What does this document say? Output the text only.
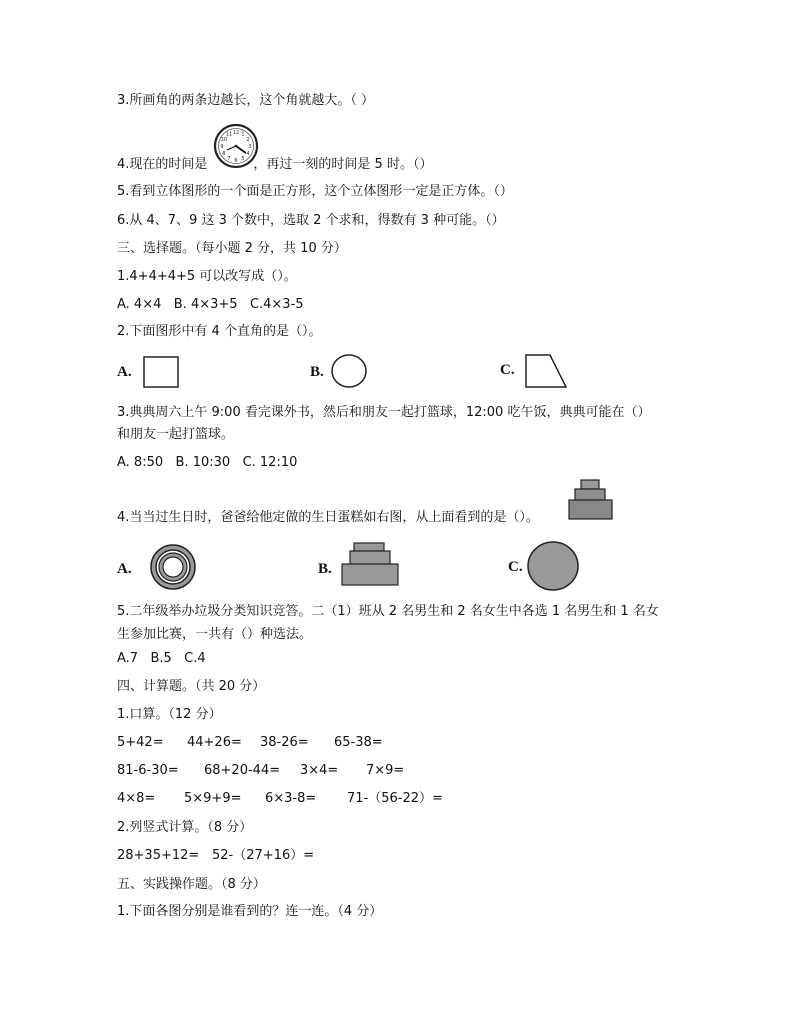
3.所画角的两条边越长，这个角就越大。（ ）
4.现在的时间是	，再过一刻的时间是 5 时。（）
12 1
2
3
4
5
6
7
8
9
10
11
5.看到立体图形的一个面是正方形，这个立体图形一定是正方体。（）
6.从 4、7、9 这 3 个数中，选取 2 个求和，得数有 3 种可能。（）
三、选择题。（每小题 2 分，共 10 分）
1.4+4+4+5 可以改写成（）。
A. 4×4   B. 4×3+5   C.4×3-5
2.下面图形中有 4 个直角的是（）。
A.	B.	C.
3.典典周六上午 9:00 看完课外书，然后和朋友一起打篮球，12:00 吃午饭，典典可能在（）
和朋友一起打篮球。
A. 8:50   B. 10:30   C. 12:10
4.当当过生日时，爸爸给他定做的生日蛋糕如右图，从上面看到的是（）。
A.	B.	C.
5.二年级举办垃圾分类知识竞答。二（1）班从 2 名男生和 2 名女生中各选 1 名男生和 1 名女
生参加比赛，一共有（）种选法。
A.7   B.5   C.4
四、计算题。（共 20 分）
1.口算。（12 分）
5+42= 44+26= 38-26= 65-38=
81-6-30= 68+20-44= 3×4= 7×9=
4×8= 5×9+9= 6×3-8= 71-（56-22）=
2.列竖式计算。（8 分）
28+35+12= 52-（27+16）=
五、实践操作题。（8 分）
1.下面各图分别是谁看到的？连一连。（4 分）
